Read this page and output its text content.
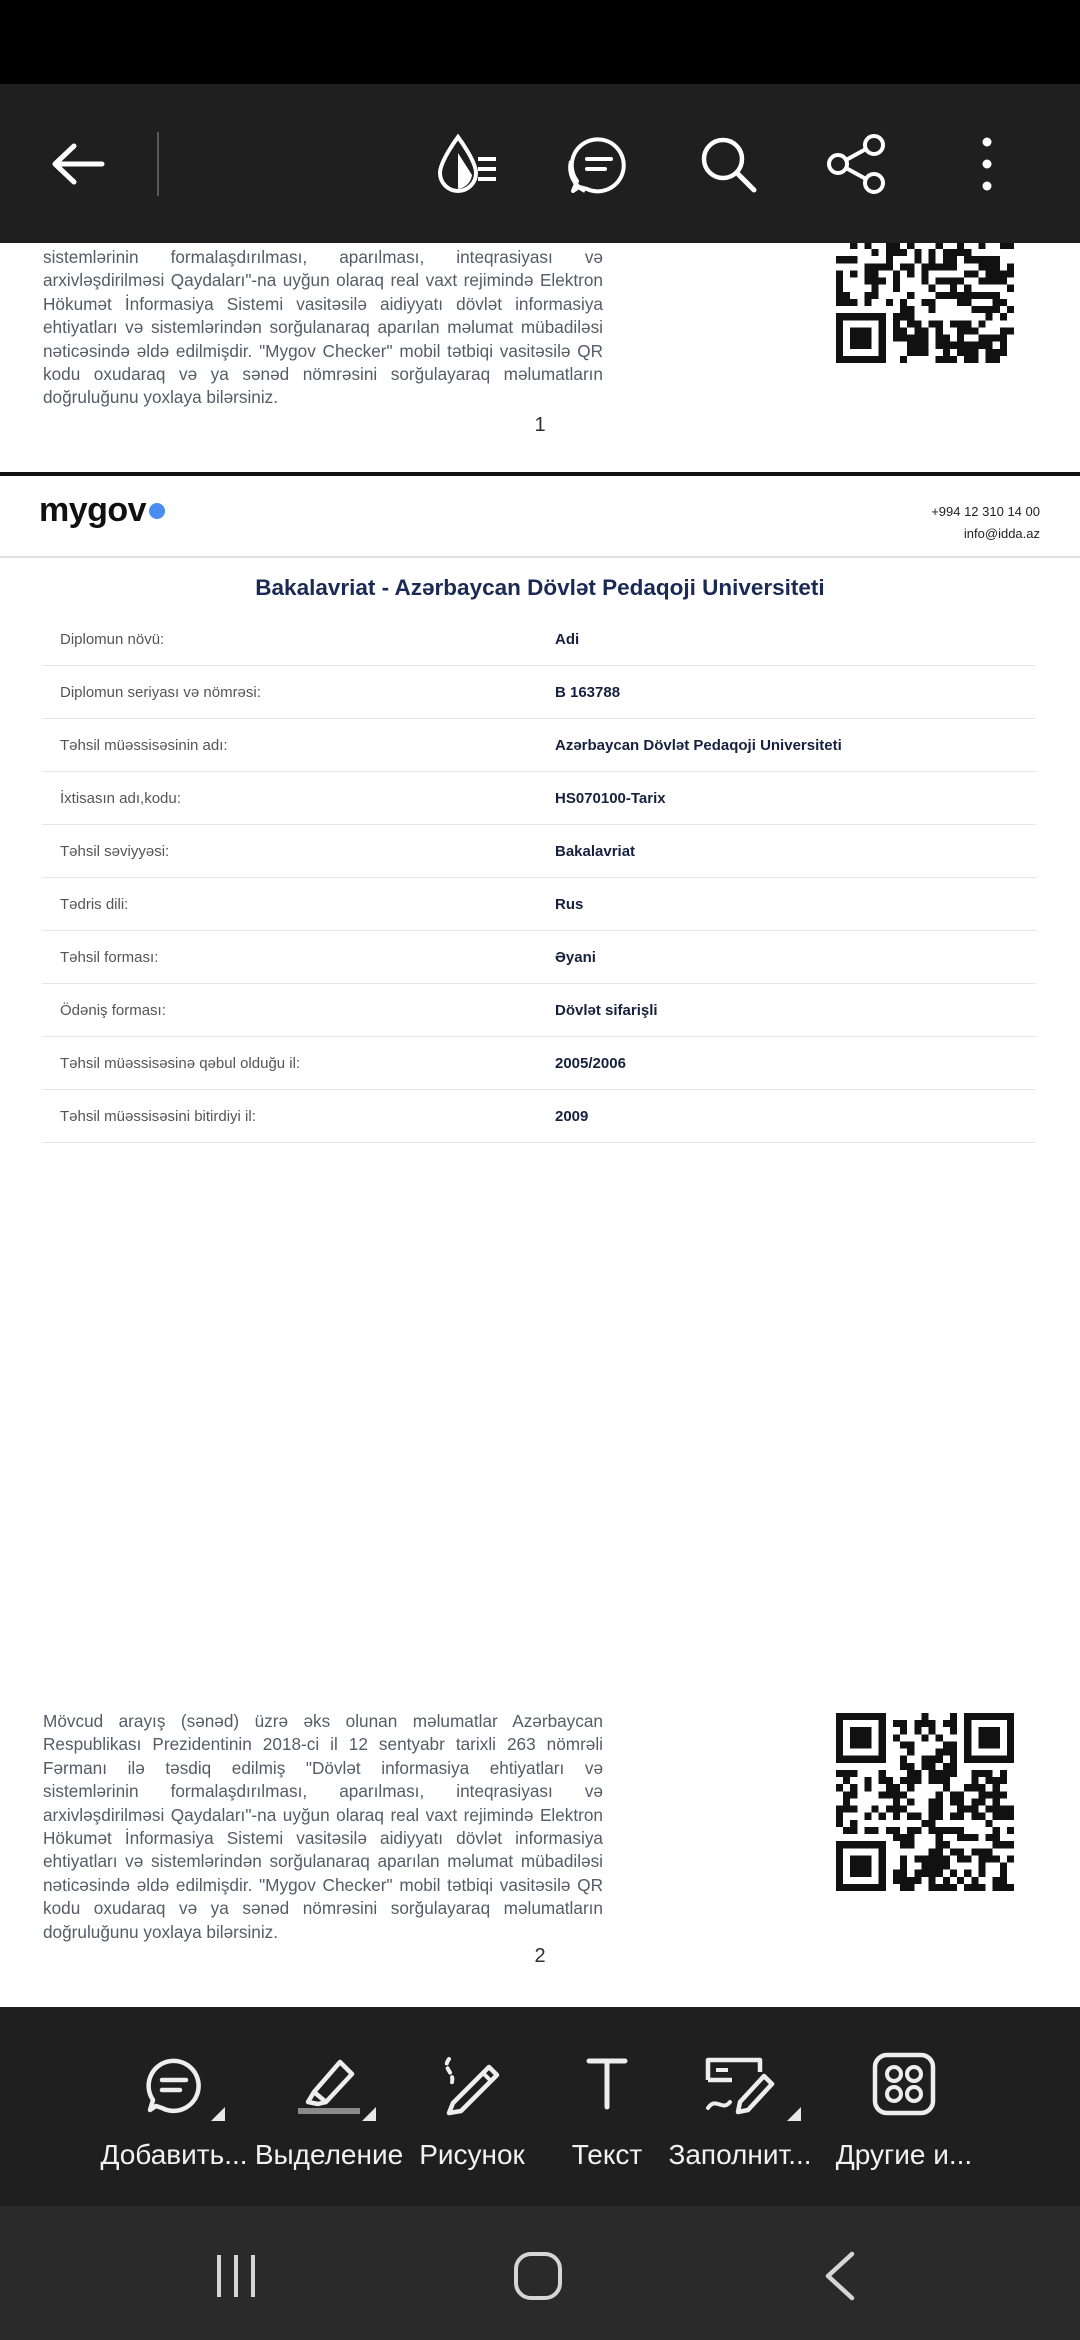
sistemlərinin formalaşdırılması, aparılması, inteqrasiyası və

arxivləşdirilməsi Qaydaları"-na uyğun olaraq real vaxt rejimində Elektron

Hökumət İnformasiya Sistemi vasitəsilə aidiyyatı dövlət informasiya

ehtiyatları və sistemlərindən sorğulanaraq aparılan məlumat mübadiləsi

nəticəsində əldə edilmişdir. "Mygov Checker" mobil tətbiqi vasitəsilə QR

kodu oxudaraq və ya sənəd nömrəsini sorğulayaraq məlumatların

doğruluğunu yoxlaya bilərsiniz.

1
mygov	+994 12 310 14 00
info@idda.az
Bakalavriat - Azərbaycan Dövlət Pedaqoji Universiteti
Diplomun növü:	Adi
Diplomun seriyası və nömrəsi:	B 163788
Təhsil müəssisəsinin adı:	Azərbaycan Dövlət Pedaqoji Universiteti
İxtisasın adı,kodu:	HS070100-Tarix
Təhsil səviyyəsi:	Bakalavriat
Tədris dili:	Rus
Təhsil forması:	Əyani
Ödəniş forması:	Dövlət sifarişli
Təhsil müəssisəsinə qəbul olduğu il:	2005/2006
Təhsil müəssisəsini bitirdiyi il:	2009

Mövcud arayış (sənəd) üzrə əks olunan məlumatlar Azərbaycan

Respublikası Prezidentinin 2018-ci il 12 sentyabr tarixli 263 nömrəli

Fərmanı ilə təsdiq edilmiş "Dövlət informasiya ehtiyatları və

sistemlərinin formalaşdırılması, aparılması, inteqrasiyası və

arxivləşdirilməsi Qaydaları"-na uyğun olaraq real vaxt rejimində Elektron

Hökumət İnformasiya Sistemi vasitəsilə aidiyyatı dövlət informasiya

ehtiyatları və sistemlərindən sorğulanaraq aparılan məlumat mübadiləsi

nəticəsində əldə edilmişdir. "Mygov Checker" mobil tətbiqi vasitəsilə QR

kodu oxudaraq və ya sənəd nömrəsini sorğulayaraq məlumatların

doğruluğunu yoxlaya bilərsiniz.

2
Добавить... Выделение Рисунок	Текст Заполнит... Другие и...
